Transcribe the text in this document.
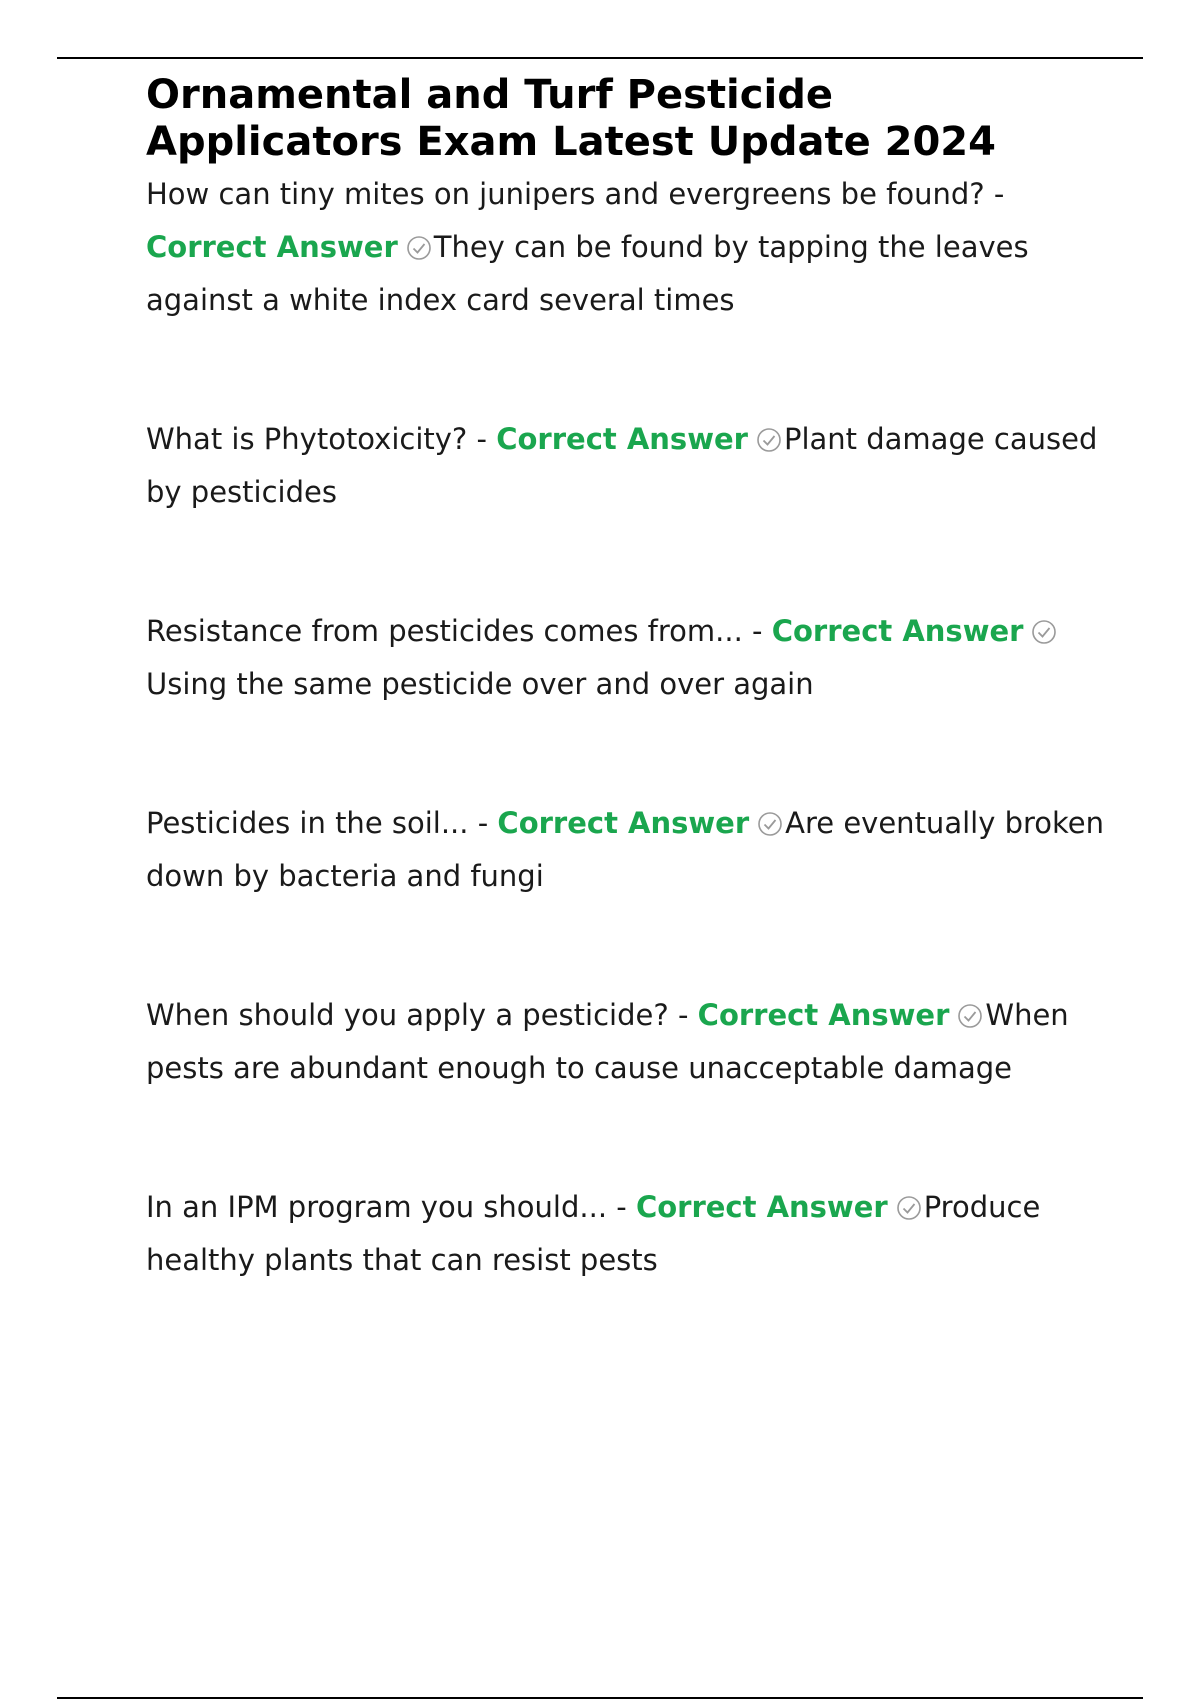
Ornamental and Turf Pesticide
Applicators Exam Latest Update 2024

How can tiny mites on junipers and evergreens be found? - Correct Answer They can be found by tapping the leaves against a white index card several times

What is Phytotoxicity? - Correct Answer Plant damage caused by pesticides

Resistance from pesticides comes from... - Correct AnswerUsing the same pesticide over and over again

Pesticides in the soil... - Correct Answer Are eventually broken down by bacteria and fungi

When should you apply a pesticide? - Correct Answer When pests are abundant enough to cause unacceptable damage

In an IPM program you should... - Correct Answer Produce healthy plants that can resist pests
